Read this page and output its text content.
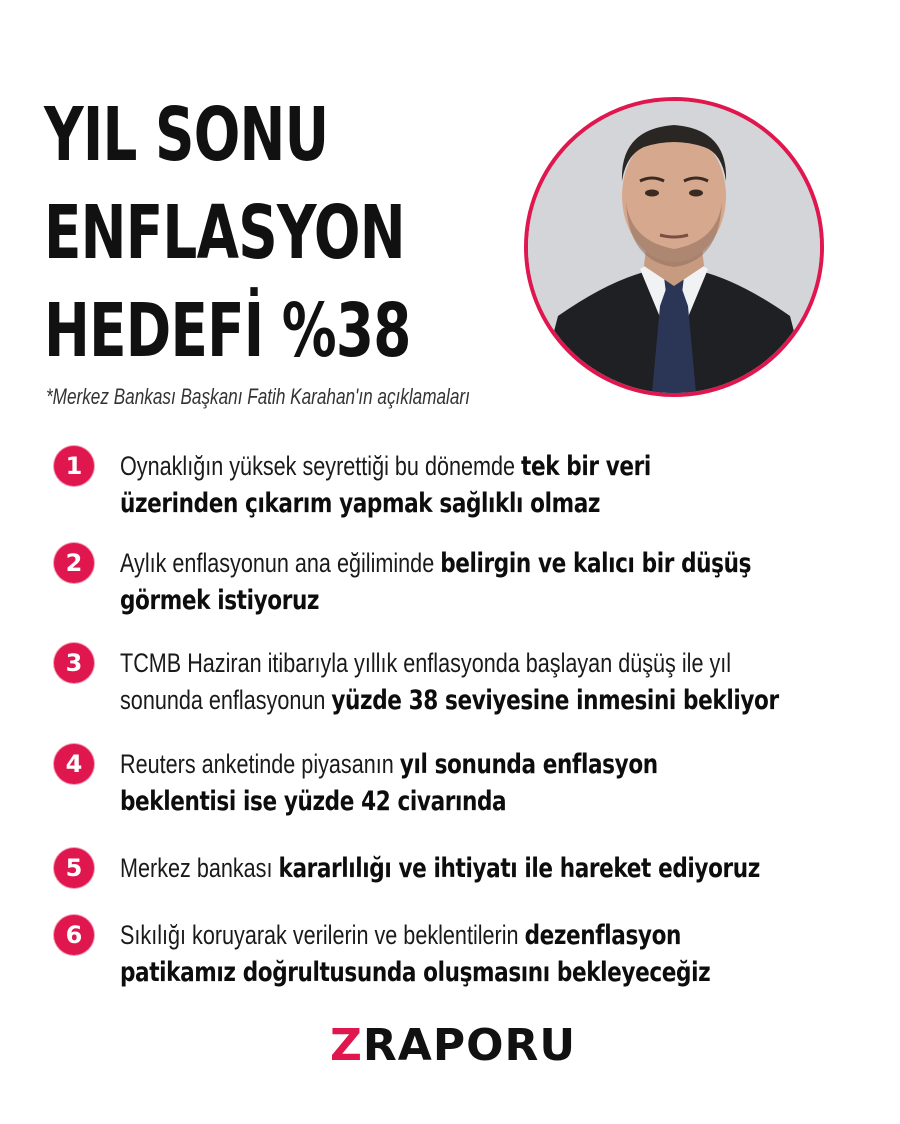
YIL SONU
ENFLASYON
HEDEFİ %38
*Merkez Bankası Başkanı Fatih Karahan'ın açıklamaları
1	Oynaklığın yüksek seyrettiği bu dönemde tek bir veri
üzerinden çıkarım yapmak sağlıklı olmaz
2	Aylık enflasyonun ana eğiliminde belirgin ve kalıcı bir düşüş
görmek istiyoruz
3	TCMB Haziran itibarıyla yıllık enflasyonda başlayan düşüş ile yıl
sonunda enflasyonun yüzde 38 seviyesine inmesini bekliyor
4	Reuters anketinde piyasanın yıl sonunda enflasyon
beklentisi ise yüzde 42 civarında
5	Merkez bankası kararlılığı ve ihtiyatı ile hareket ediyoruz
6	Sıkılığı koruyarak verilerin ve beklentilerin dezenflasyon
patikamız doğrultusunda oluşmasını bekleyeceğiz
ZRAPORU
